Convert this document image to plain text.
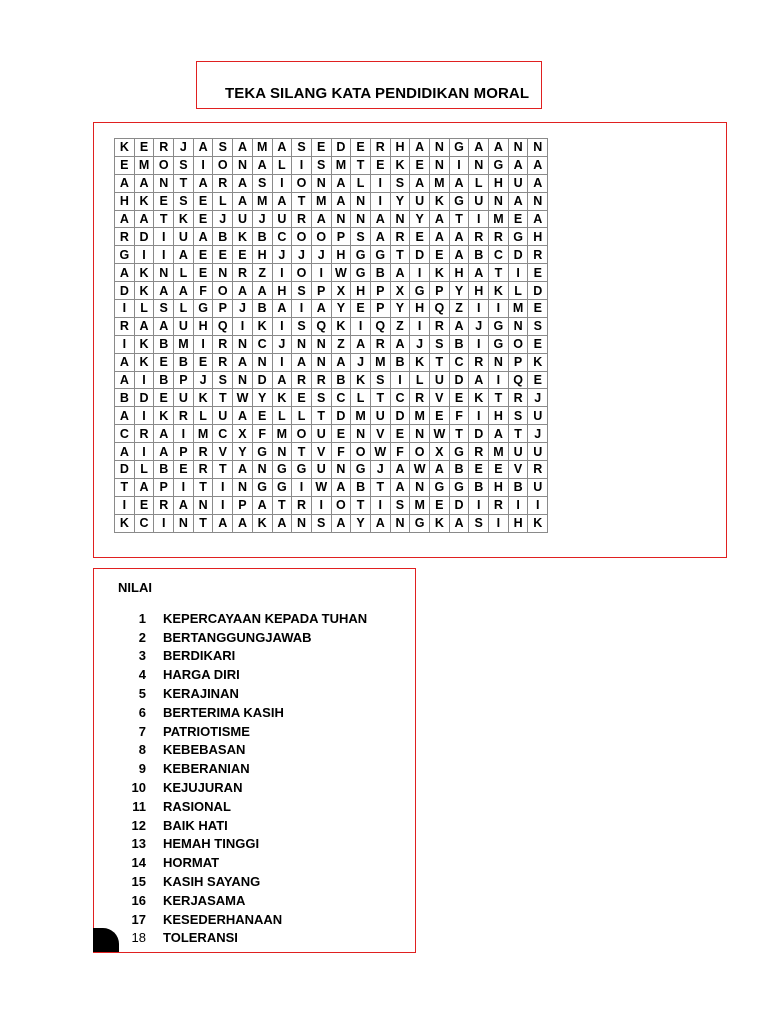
TEKA SILANG KATA PENDIDIKAN MORAL
K	E	R	J	A	S	A	M	A	S	E	D	E	R	H	A	N	G	A	A	N	N
E	M	O	S	I	O	N	A	L	I	S	M	T	E	K	E	N	I	N	G	A	A
A	A	N	T	A	R	A	S	I	O	N	A	L	I	S	A	M	A	L	H	U	A
H	K	E	S	E	L	A	M	A	T	M	A	N	I	Y	U	K	G	U	N	A	N
A	A	T	K	E	J	U	J	U	R	A	N	N	A	N	Y	A	T	I	M	E	A
R	D	I	U	A	B	K	B	C	O	O	P	S	A	R	E	A	A	R	R	G	H
G	I	I	A	E	E	E	H	J	J	J	H	G	G	T	D	E	A	B	C	D	R
A	K	N	L	E	N	R	Z	I	O	I	W	G	B	A	I	K	H	A	T	I	E
D	K	A	A	F	O	A	A	H	S	P	X	H	P	X	G	P	Y	H	K	L	D
I	L	S	L	G	P	J	B	A	I	A	Y	E	P	Y	H	Q	Z	I	I	M	E
R	A	A	U	H	Q	I	K	I	S	Q	K	I	Q	Z	I	R	A	J	G	N	S
I	K	B	M	I	R	N	C	J	N	N	Z	A	R	A	J	S	B	I	G	O	E
A	K	E	B	E	R	A	N	I	A	N	A	J	M	B	K	T	C	R	N	P	K
A	I	B	P	J	S	N	D	A	R	R	B	K	S	I	L	U	D	A	I	Q	E
B	D	E	U	K	T	W	Y	K	E	S	C	L	T	C	R	V	E	K	T	R	J
A	I	K	R	L	U	A	E	L	L	T	D	M	U	D	M	E	F	I	H	S	U
C	R	A	I	M	C	X	F	M	O	U	E	N	V	E	N	W	T	D	A	T	J
A	I	A	P	R	V	Y	G	N	T	V	F	O	W	F	O	X	G	R	M	U	U
D	L	B	E	R	T	A	N	G	G	U	N	G	J	A	W	A	B	E	E	V	R
T	A	P	I	T	I	N	G	G	I	W	A	B	T	A	N	G	G	B	H	B	U
I	E	R	A	N	I	P	A	T	R	I	O	T	I	S	M	E	D	I	R	I	I
K	C	I	N	T	A	A	K	A	N	S	A	Y	A	N	G	K	A	S	I	H	K
NILAI
1 KEPERCAYAAN KEPADA TUHAN
2 BERTANGGUNGJAWAB
3 BERDIKARI
4 HARGA DIRI
5 KERAJINAN
6 BERTERIMA KASIH
7 PATRIOTISME
8 KEBEBASAN
9 KEBERANIAN
10 KEJUJURAN
11 RASIONAL
12 BAIK HATI
13 HEMAH TINGGI
14 HORMAT
15 KASIH SAYANG
16 KERJASAMA
17 KESEDERHANAAN
18 TOLERANSI
